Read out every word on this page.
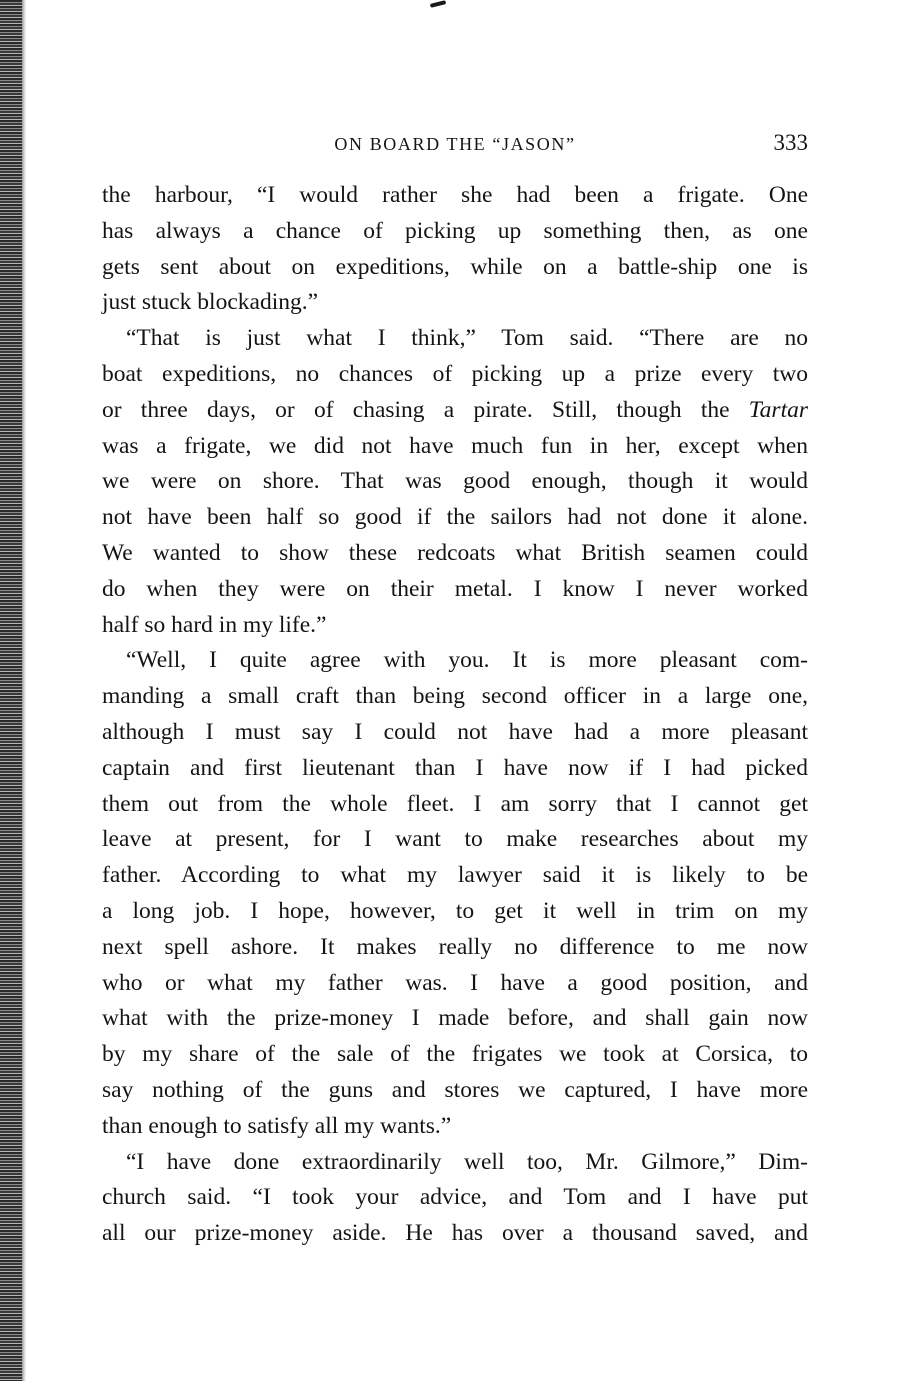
ON BOARD THE “JASON”	333
the harbour, “I would rather she had been a frigate. One
has always a chance of picking up something then, as one
gets sent about on expeditions, while on a battle-ship one is
just stuck blockading.”
“That is just what I think,” Tom said. “There are no
boat expeditions, no chances of picking up a prize every two
or three days, or of chasing a pirate. Still, though the Tartar
was a frigate, we did not have much fun in her, except when
we were on shore. That was good enough, though it would
not have been half so good if the sailors had not done it alone.
We wanted to show these redcoats what British seamen could
do when they were on their metal. I know I never worked
half so hard in my life.”
“Well, I quite agree with you. It is more pleasant com-
manding a small craft than being second officer in a large one,
although I must say I could not have had a more pleasant
captain and first lieutenant than I have now if I had picked
them out from the whole fleet. I am sorry that I cannot get
leave at present, for I want to make researches about my
father. According to what my lawyer said it is likely to be
a long job. I hope, however, to get it well in trim on my
next spell ashore. It makes really no difference to me now
who or what my father was. I have a good position, and
what with the prize-money I made before, and shall gain now
by my share of the sale of the frigates we took at Corsica, to
say nothing of the guns and stores we captured, I have more
than enough to satisfy all my wants.”
“I have done extraordinarily well too, Mr. Gilmore,” Dim-
church said. “I took your advice, and Tom and I have put
all our prize-money aside. He has over a thousand saved, and
